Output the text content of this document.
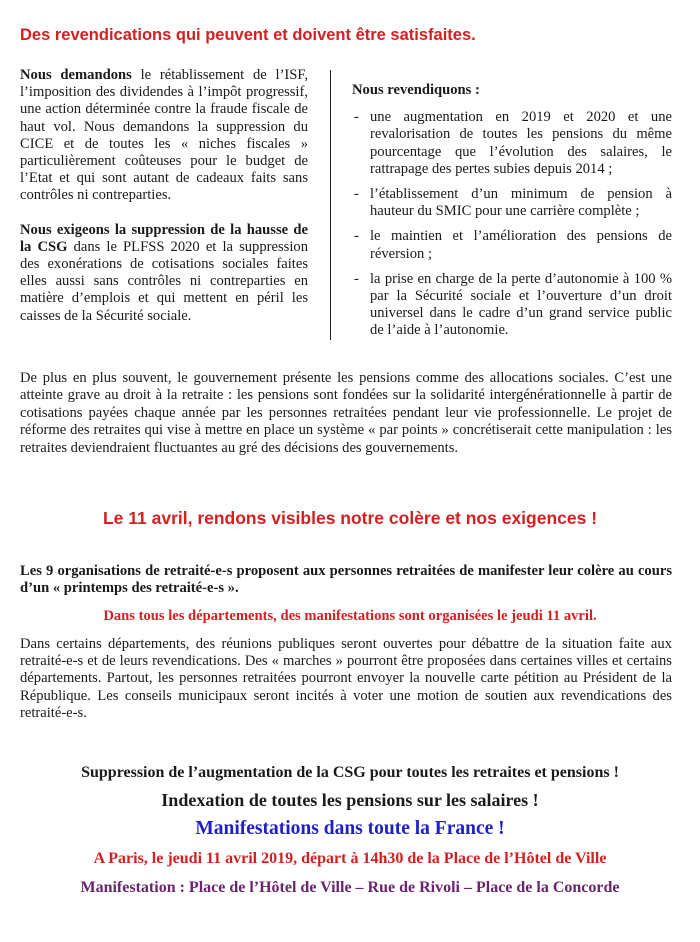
Des revendications qui peuvent et doivent être satisfaites.

Nous demandons le rétablissement de l’ISF, l’imposition des dividendes à l’impôt progressif, une action déterminée contre la fraude fiscale de haut vol. Nous demandons la suppression du CICE et de toutes les « niches fiscales » particulièrement coûteuses pour le budget de l’Etat et qui sont autant de cadeaux faits sans contrôles ni contreparties.

Nous exigeons la suppression de la hausse de la CSG dans le PLFSS 2020 et la suppression des exonérations de cotisations sociales faites elles aussi sans contrôles ni contreparties en matière d’emplois et qui mettent en péril les caisses de la Sécurité sociale.

Nous revendiquons :
- une augmentation en 2019 et 2020 et une revalorisation de toutes les pensions du même pourcentage que l’évolution des salaires, le rattrapage des pertes subies depuis 2014 ;
- l’établissement d’un minimum de pension à hauteur du SMIC pour une carrière complète ;
- le maintien et l’amélioration des pensions de réversion ;
- la prise en charge de la perte d’autonomie à 100 % par la Sécurité sociale et l’ouverture d’un droit universel dans le cadre d’un grand service public de l’aide à l’autonomie.

De plus en plus souvent, le gouvernement présente les pensions comme des allocations sociales. C’est une atteinte grave au droit à la retraite : les pensions sont fondées sur la solidarité intergénérationnelle à partir de cotisations payées chaque année par les personnes retraitées pendant leur vie professionnelle. Le projet de réforme des retraites qui vise à mettre en place un système « par points » concrétiserait cette manipulation : les retraites deviendraient fluctuantes au gré des décisions des gouvernements.

Le 11 avril, rendons visibles notre colère et nos exigences !

Les 9 organisations de retraité-e-s proposent aux personnes retraitées de manifester leur colère au cours d’un « printemps des retraité-e-s ».

Dans tous les départements, des manifestations sont organisées le jeudi 11 avril.

Dans certains départements, des réunions publiques seront ouvertes pour débattre de la situation faite aux retraité-e-s et de leurs revendications. Des « marches » pourront être proposées dans certaines villes et certains départements. Partout, les personnes retraitées pourront envoyer la nouvelle carte pétition au Président de la République. Les conseils municipaux seront incités à voter une motion de soutien aux revendications des retraité-e-s.

Suppression de l’augmentation de la CSG pour toutes les retraites et pensions !
Indexation de toutes les pensions sur les salaires !
Manifestations dans toute la France !
A Paris, le jeudi 11 avril 2019, départ à 14h30 de la Place de l’Hôtel de Ville
Manifestation : Place de l’Hôtel de Ville – Rue de Rivoli – Place de la Concorde
